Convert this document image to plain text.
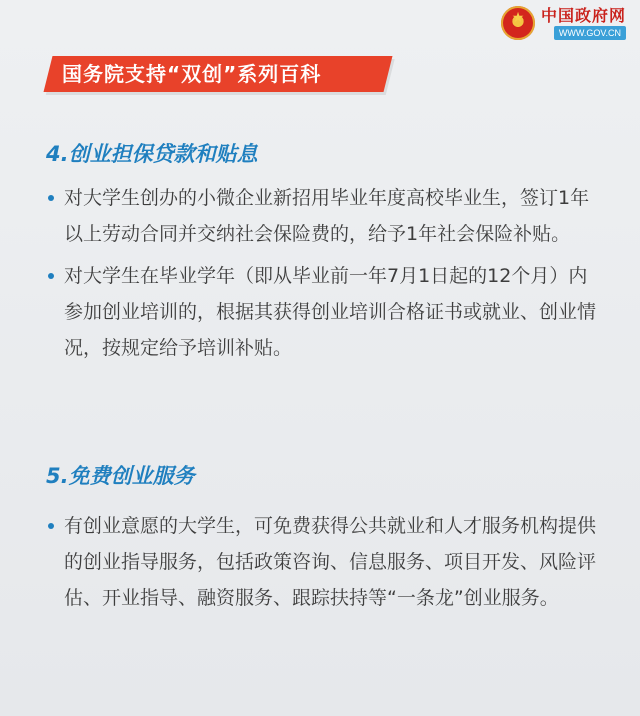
★
中国政府网
WWW.GOV.CN
国务院支持“双创”系列百科
4.创业担保贷款和贴息
对大学生创办的小微企业新招用毕业年度高校毕业生，签订1年以上劳动合同并交纳社会保险费的，给予1年社会保险补贴。
对大学生在毕业学年（即从毕业前一年7月1日起的12个月）内参加创业培训的，根据其获得创业培训合格证书或就业、创业情况，按规定给予培训补贴。
5.免费创业服务
有创业意愿的大学生，可免费获得公共就业和人才服务机构提供的创业指导服务，包括政策咨询、信息服务、项目开发、风险评估、开业指导、融资服务、跟踪扶持等“一条龙”创业服务。
